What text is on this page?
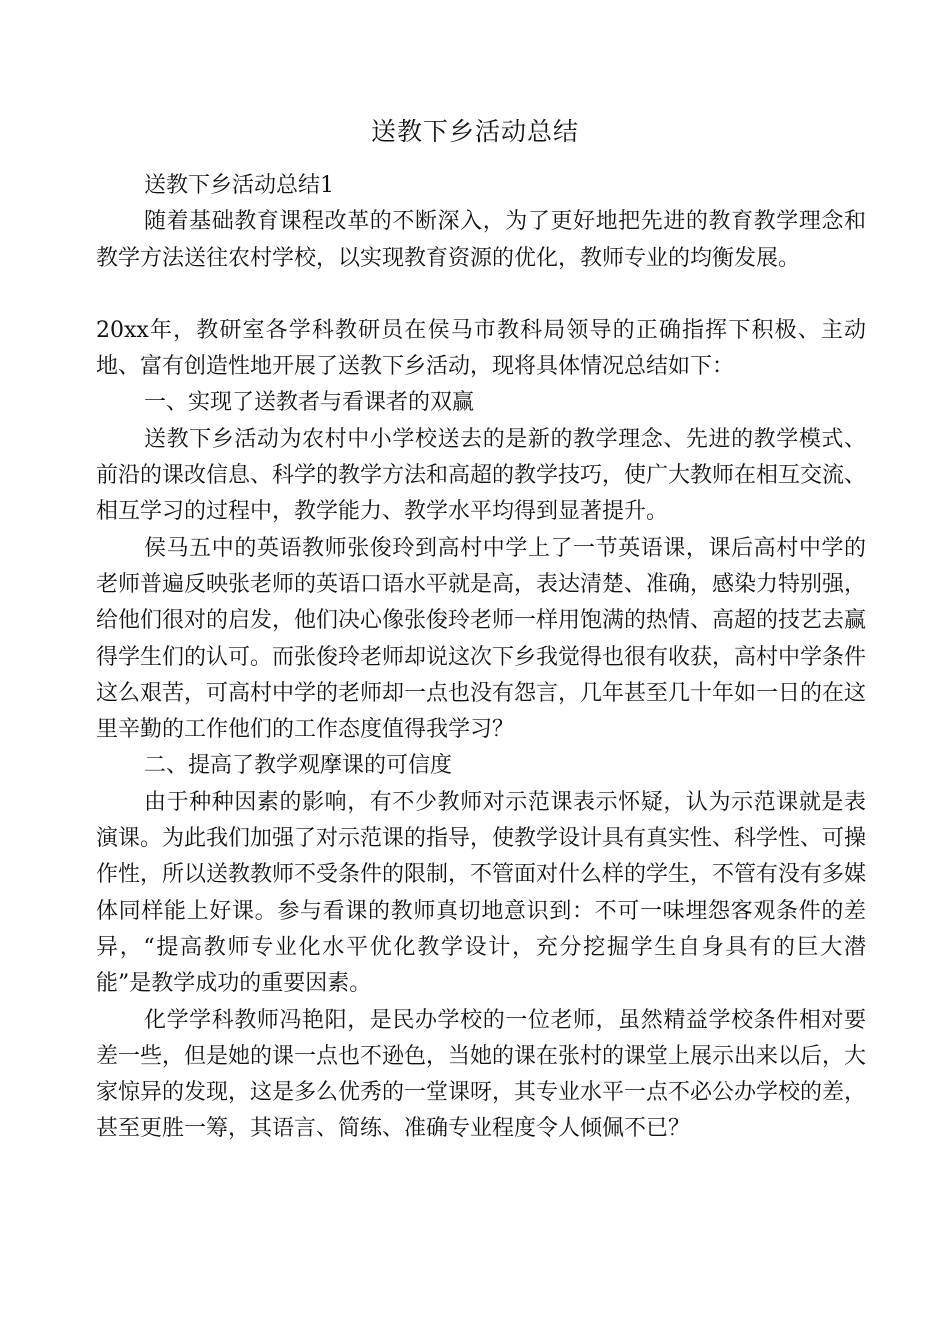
送教下乡活动总结

送教下乡活动总结1

随着基础教育课程改革的不断深入，为了更好地把先进的教育教学理念和教学方法送往农村学校，以实现教育资源的优化，教师专业的均衡发展。

20xx年，教研室各学科教研员在侯马市教科局领导的正确指挥下积极、主动地、富有创造性地开展了送教下乡活动，现将具体情况总结如下：

一、实现了送教者与看课者的双赢

送教下乡活动为农村中小学校送去的是新的教学理念、先进的教学模式、前沿的课改信息、科学的教学方法和高超的教学技巧，使广大教师在相互交流、相互学习的过程中，教学能力、教学水平均得到显著提升。

侯马五中的英语教师张俊玲到高村中学上了一节英语课，课后高村中学的老师普遍反映张老师的英语口语水平就是高，表达清楚、准确，感染力特别强，给他们很对的启发，他们决心像张俊玲老师一样用饱满的热情、高超的技艺去赢得学生们的认可。而张俊玲老师却说这次下乡我觉得也很有收获，高村中学条件这么艰苦，可高村中学的老师却一点也没有怨言，几年甚至几十年如一日的在这里辛勤的工作他们的工作态度值得我学习？

二、提高了教学观摩课的可信度

由于种种因素的影响，有不少教师对示范课表示怀疑，认为示范课就是表演课。为此我们加强了对示范课的指导，使教学设计具有真实性、科学性、可操作性，所以送教教师不受条件的限制，不管面对什么样的学生，不管有没有多媒体同样能上好课。参与看课的教师真切地意识到：不可一味埋怨客观条件的差异，“提高教师专业化水平优化教学设计，充分挖掘学生自身具有的巨大潜能”是教学成功的重要因素。

化学学科教师冯艳阳，是民办学校的一位老师，虽然精益学校条件相对要差一些，但是她的课一点也不逊色，当她的课在张村的课堂上展示出来以后，大家惊异的发现，这是多么优秀的一堂课呀，其专业水平一点不必公办学校的差，甚至更胜一筹，其语言、简练、准确专业程度令人倾佩不已？
